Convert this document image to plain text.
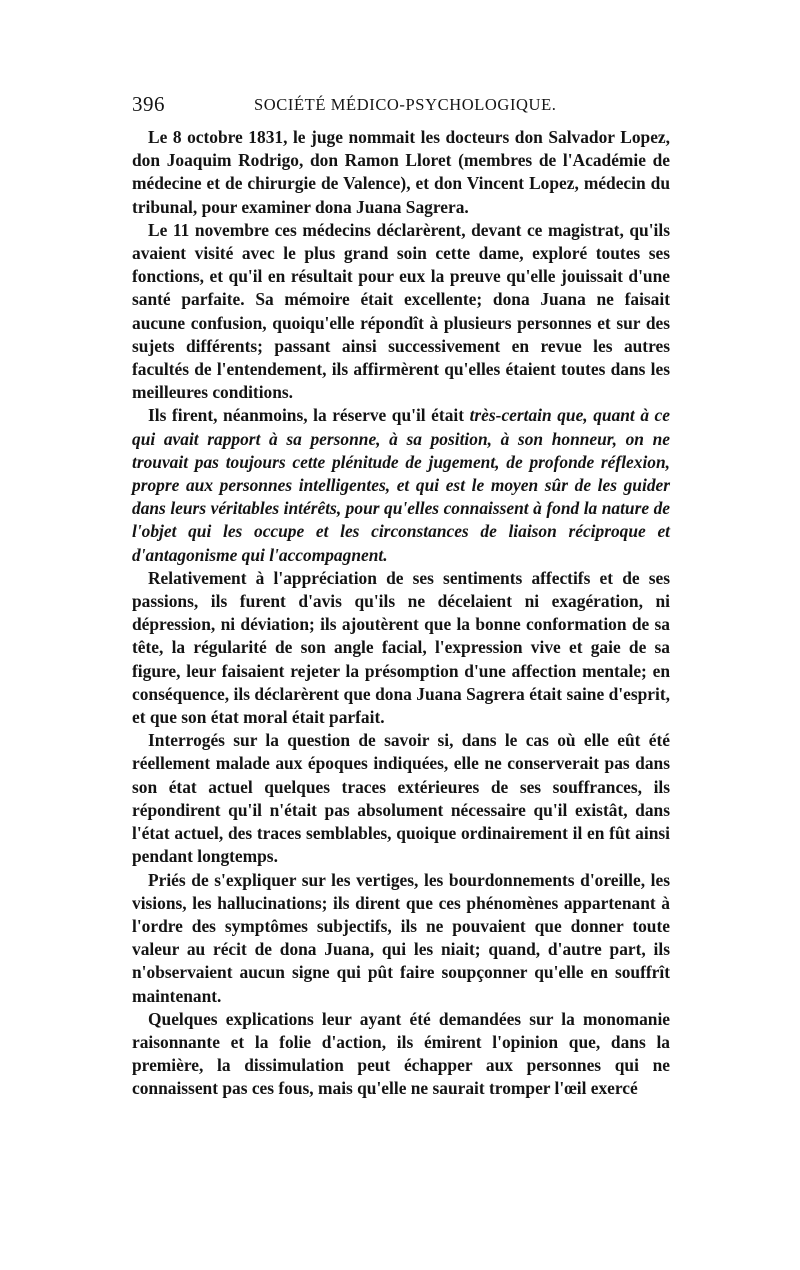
396	SOCIÉTÉ MÉDICO-PSYCHOLOGIQUE.

Le 8 octobre 1831, le juge nommait les docteurs don Salvador Lopez, don Joaquim Rodrigo, don Ramon Lloret (membres de l'Académie de médecine et de chirurgie de Valence), et don Vincent Lopez, médecin du tribunal, pour examiner dona Juana Sagrera.

Le 11 novembre ces médecins déclarèrent, devant ce magistrat, qu'ils avaient visité avec le plus grand soin cette dame, exploré toutes ses fonctions, et qu'il en résultait pour eux la preuve qu'elle jouissait d'une santé parfaite. Sa mémoire était excellente; dona Juana ne faisait aucune confusion, quoiqu'elle répondît à plusieurs personnes et sur des sujets différents; passant ainsi successivement en revue les autres facultés de l'entendement, ils affirmèrent qu'elles étaient toutes dans les meilleures conditions.

Ils firent, néanmoins, la réserve qu'il était très-certain que, quant à ce qui avait rapport à sa personne, à sa position, à son honneur, on ne trouvait pas toujours cette plénitude de jugement, de profonde réflexion, propre aux personnes intelligentes, et qui est le moyen sûr de les guider dans leurs véritables intérêts, pour qu'elles connaissent à fond la nature de l'objet qui les occupe et les circonstances de liaison réciproque et d'antagonisme qui l'accompagnent.

Relativement à l'appréciation de ses sentiments affectifs et de ses passions, ils furent d'avis qu'ils ne décelaient ni exagération, ni dépression, ni déviation; ils ajoutèrent que la bonne conformation de sa tête, la régularité de son angle facial, l'expression vive et gaie de sa figure, leur faisaient rejeter la présomption d'une affection mentale; en conséquence, ils déclarèrent que dona Juana Sagrera était saine d'esprit, et que son état moral était parfait.

Interrogés sur la question de savoir si, dans le cas où elle eût été réellement malade aux époques indiquées, elle ne conserverait pas dans son état actuel quelques traces extérieures de ses souffrances, ils répondirent qu'il n'était pas absolument nécessaire qu'il existât, dans l'état actuel, des traces semblables, quoique ordinairement il en fût ainsi pendant longtemps.

Priés de s'expliquer sur les vertiges, les bourdonnements d'oreille, les visions, les hallucinations; ils dirent que ces phénomènes appartenant à l'ordre des symptômes subjectifs, ils ne pouvaient que donner toute valeur au récit de dona Juana, qui les niait; quand, d'autre part, ils n'observaient aucun signe qui pût faire soupçonner qu'elle en souffrît maintenant.

Quelques explications leur ayant été demandées sur la monomanie raisonnante et la folie d'action, ils émirent l'opinion que, dans la première, la dissimulation peut échapper aux personnes qui ne connaissent pas ces fous, mais qu'elle ne saurait tromper l'œil exercé
